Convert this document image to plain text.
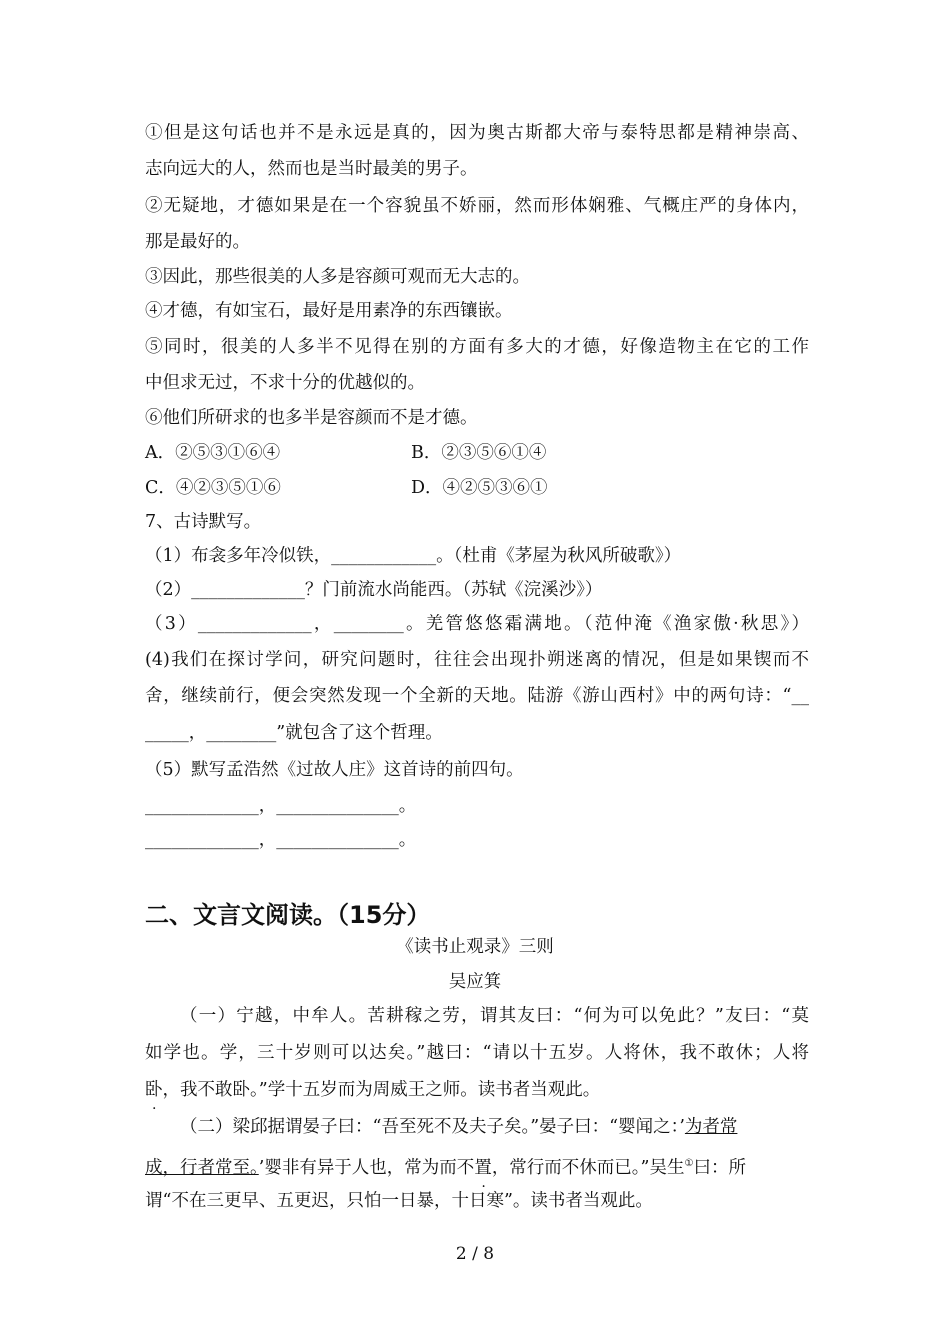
①但是这句话也并不是永远是真的，因为奥古斯都大帝与泰特思都是精神崇高、
志向远大的人，然而也是当时最美的男子。
②无疑地，才德如果是在一个容貌虽不娇丽，然而形体娴雅、气概庄严的身体内，
那是最好的。
③因此，那些很美的人多是容颜可观而无大志的。
④才德，有如宝石，最好是用素净的东西镶嵌。
⑤同时，很美的人多半不见得在别的方面有多大的才德，好像造物主在它的工作
中但求无过，不求十分的优越似的。
⑥他们所研求的也多半是容颜而不是才德。
A．②⑤③①⑥④	B．②③⑤⑥①④
C．④②③⑤①⑥	D．④②⑤③⑥①
7、古诗默写。
（1）布衾多年冷似铁，____________。（杜甫《茅屋为秋风所破歌》）
（2）_____________？门前流水尚能西。（苏轼《浣溪沙》）
（3）_____________，________。羌管悠悠霜满地。（范仲淹《渔家傲·秋思》）
(4)我们在探讨学问，研究问题时，往往会出现扑朔迷离的情况，但是如果锲而不
舍，继续前行，便会突然发现一个全新的天地。陆游《游山西村》中的两句诗：“__
_____，________”就包含了这个哲理。
（5）默写孟浩然《过故人庄》这首诗的前四句。
_____________，______________。
_____________，______________。
二、文言文阅读。（15分）
《读书止观录》三则
吴应箕
（一）宁越，中牟人。苦耕稼之劳，谓其友曰：“何为可以免此？”友曰：“莫
如学也。学，三十岁则可以达矣。”越曰：“请以十五岁。人将休，我不敢休；人将
卧，我不敢卧。”学十五岁而为周威王之师。读书者当观此。
（二）梁邱据谓晏子曰：“吾至死不及夫子矣。”晏子曰：“婴闻之：’为者常
成，行者常至。’婴非有异于人也，常为而不置，常行而不休而已。”吴生①曰：所
谓“不在三更早、五更迟，只怕一日暴，十日寒”。读书者当观此。
2 / 8
